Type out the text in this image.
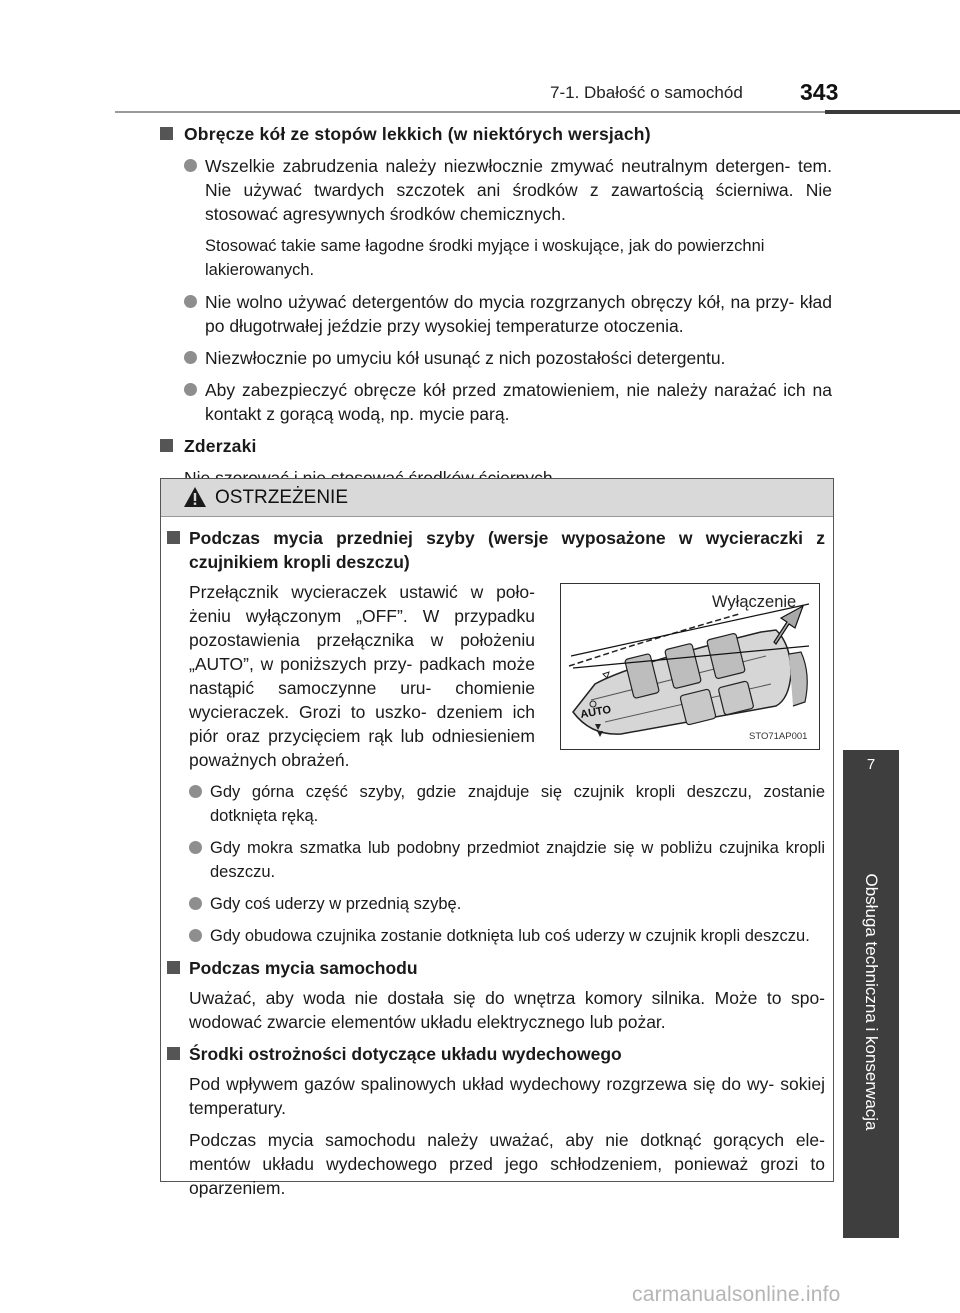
7-1. Dbałość o samochód 343
7
Obsługa techniczna i konserwacja
Obręcze kół ze stopów lekkich (w niektórych wersjach)
Wszelkie zabrudzenia należy niezwłocznie zmywać neutralnym detergen- tem. Nie używać twardych szczotek ani środków z zawartością ścierniwa. Nie stosować agresywnych środków chemicznych.
Stosować takie same łagodne środki myjące i woskujące, jak do powierzchni lakierowanych.
Nie wolno używać detergentów do mycia rozgrzanych obręczy kół, na przy- kład po długotrwałej jeździe przy wysokiej temperaturze otoczenia.
Niezwłocznie po umyciu kół usunąć z nich pozostałości detergentu.
Aby zabezpieczyć obręcze kół przed zmatowieniem, nie należy narażać ich na kontakt z gorącą wodą, np. mycie parą.
Zderzaki
OSTRZEŻENIE
Podczas mycia przedniej szyby (wersje wyposażone w wycieraczki z czujnikiem kropli deszczu)
Przełącznik wycieraczek ustawić w poło- żeniu wyłączonym „OFF”. W przypadku pozostawienia przełącznika w położeniu „AUTO”, w poniższych przy- padkach może nastąpić samoczynne uru- chomienie wycieraczek. Grozi to uszko- dzeniem ich piór oraz przycięciem rąk lub odniesieniem poważnych obrażeń.
Gdy górna część szyby, gdzie znajduje się czujnik kropli deszczu, zostanie dotknięta ręką.
Gdy mokra szmatka lub podobny przedmiot znajdzie się w pobliżu czujnika kropli deszczu.
Gdy coś uderzy w przednią szybę.
Gdy obudowa czujnika zostanie dotknięta lub coś uderzy w czujnik kropli deszczu.
Podczas mycia samochodu
Uważać, aby woda nie dostała się do wnętrza komory silnika. Może to spo- wodować zwarcie elementów układu elektrycznego lub pożar.
Środki ostrożności dotyczące układu wydechowego
Pod wpływem gazów spalinowych układ wydechowy rozgrzewa się do wy- sokiej temperatury.
Podczas mycia samochodu należy uważać, aby nie dotknąć gorących ele- mentów układu wydechowego przed jego schłodzeniem, ponieważ grozi to oparzeniem.
AUTO
Wyłączenie
STO71AP001
carmanualsonline.info
